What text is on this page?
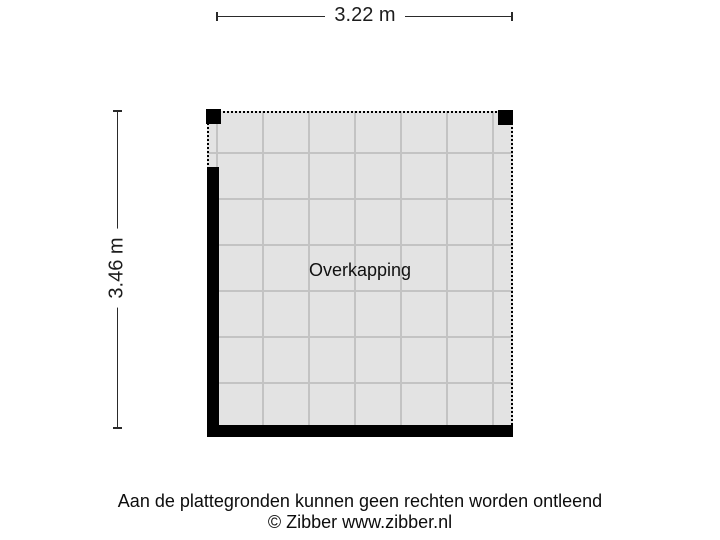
3.22 m
3.46 m	Overkapping
Aan de plattegronden kunnen geen rechten worden ontleend
© Zibber www.zibber.nl
